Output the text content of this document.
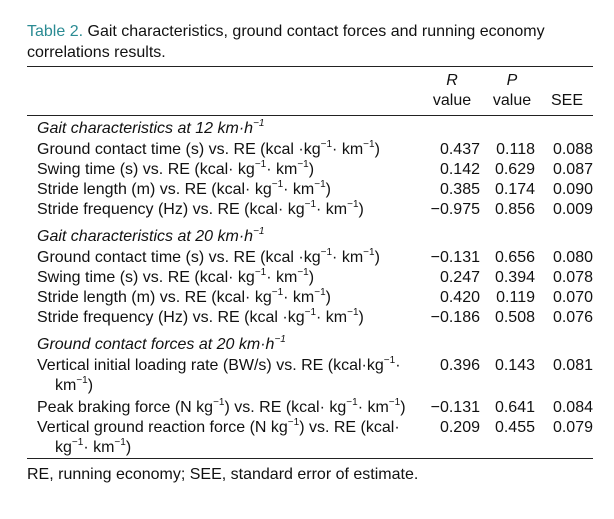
Table 2. Gait characteristics, ground contact forces and running economy correlations results.
R
value
P
value	SEE
Gait characteristics at 12 $km\cdot h^{-1}$
Ground contact time (s) vs. RE (kcal $\cdot kg^{-1}\cdot km^{-1}$)	0.437	0.118	0.088
Swing time (s) vs. RE (kcal· $kg^{-1}\cdot km^{-1}$)	0.142 0.629	0.087
Stride length (m) vs. RE (kcal· $kg^{-1}\cdot km^{-1}$)	0.385 0.174	0.090
Stride frequency (Hz) vs. RE (kcal· $kg^{-1}\cdot km^{-1}$)	−0.975 0.856	0.009
Gait characteristics at 20 $km\cdot h^{-1}$
Ground contact time (s) vs. RE (kcal $\cdot kg^{-1}\cdot km^{-1}$)	−0.131 0.656	0.080
Swing time (s) vs. RE (kcal· $kg^{-1}\cdot km^{-1}$)	0.247 0.394	0.078
Stride length (m) vs. RE (kcal· $kg^{-1}\cdot km^{-1}$)	0.420	0.119	0.070
Stride frequency (Hz) vs. RE (kcal $\cdot kg^{-1}\cdot km^{-1}$)	−0.186 0.508	0.076
Ground contact forces at 20 $km\cdot h^{-1}$
Vertical initial loading rate (BW/s) vs. RE ($kcal\cdot kg^{-1}\cdot$
$km^{-1}$)
0.396 0.143	0.081
Peak braking force (N $kg^{-1}$) vs. RE (kcal· $kg^{-1}\cdot km^{-1}$)	−0.131 0.641	0.084
Vertical ground reaction force (N $kg^{-1}$) vs. RE (kcal·
$kg^{-1}\cdot km^{-1}$)
0.209 0.455	0.079
RE, running economy; SEE, standard error of estimate.
